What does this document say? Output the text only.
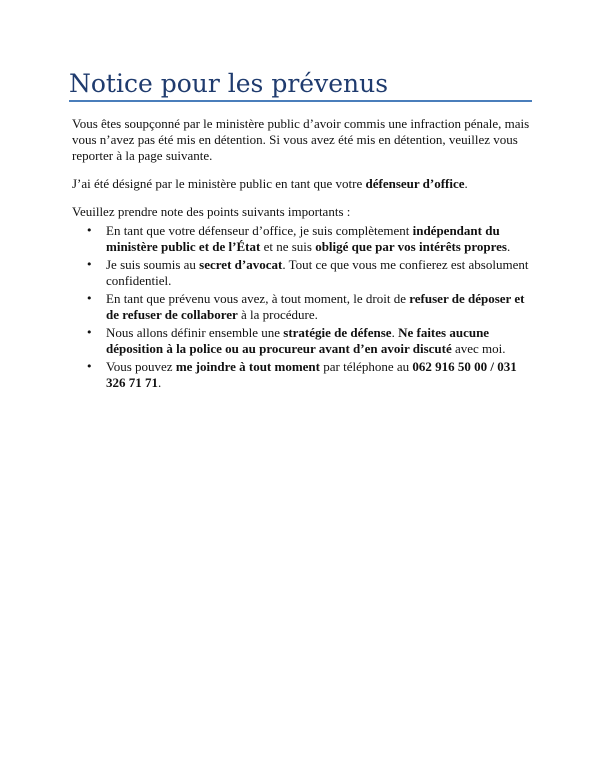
Notice pour les prévenus

Vous êtes soupçonné par le ministère public d’avoir commis une infraction pénale, mais vous n’avez pas été mis en détention. Si vous avez été mis en détention, veuillez vous reporter à la page suivante.

J’ai été désigné par le ministère public en tant que votre défenseur d’office.

Veuillez prendre note des points suivants importants :

• En tant que votre défenseur d’office, je suis complètement indépendant du ministère public et de l’État et ne suis obligé que par vos intérêts propres.
• Je suis soumis au secret d’avocat. Tout ce que vous me confierez est absolument confidentiel.
• En tant que prévenu vous avez, à tout moment, le droit de refuser de déposer et de refuser de collaborer à la procédure.
• Nous allons définir ensemble une stratégie de défense. Ne faites aucune déposition à la police ou au procureur avant d’en avoir discuté avec moi.
• Vous pouvez me joindre à tout moment par téléphone au 062 916 50 00 / 031 326 71 71.
